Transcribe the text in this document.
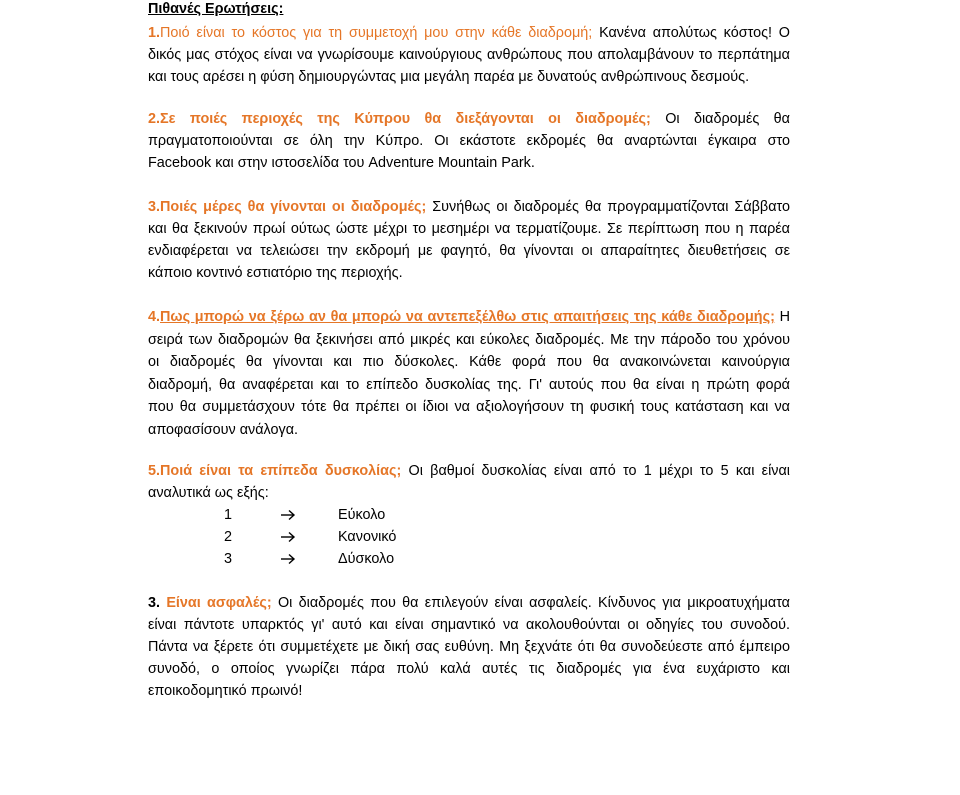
Πιθανές Ερωτήσεις:
1.Ποιό είναι το κόστος για τη συμμετοχή μου στην κάθε διαδρομή; Κανένα απολύτως κόστος! Ο
δικός μας στόχος είναι να γνωρίσουμε καινούργιους ανθρώπους που απολαμβάνουν το περπάτημα
και τους αρέσει η φύση δημιουργώντας μια μεγάλη παρέα με δυνατούς ανθρώπινους δεσμούς.
2.Σε ποιές περιοχές της Κύπρου θα διεξάγονται οι διαδρομές; Οι διαδρομές θα
πραγματοποιούνται σε όλη την Κύπρο. Οι εκάστοτε εκδρομές θα αναρτώνται έγκαιρα στο
Facebook και στην ιστοσελίδα του Adventure Mountain Park.
3.Ποιές μέρες θα γίνονται οι διαδρομές; Συνήθως οι διαδρομές θα προγραμματίζονται Σάββατο
και θα ξεκινούν πρωί ούτως ώστε μέχρι το μεσημέρι να τερματίζουμε. Σε περίπτωση που η παρέα
ενδιαφέρεται να τελειώσει την εκδρομή με φαγητό, θα γίνονται οι απαραίτητες διευθετήσεις σε
κάποιο κοντινό εστιατόριο της περιοχής.
4.Πως μπορώ να ξέρω αν θα μπορώ να αντεπεξέλθω στις απαιτήσεις της κάθε διαδρομής; Η
σειρά των διαδρομών θα ξεκινήσει από μικρές και εύκολες διαδρομές. Με την πάροδο του χρόνου
οι διαδρομές θα γίνονται και πιο δύσκολες. Κάθε φορά που θα ανακοινώνεται καινούργια
διαδρομή, θα αναφέρεται και το επίπεδο δυσκολίας της. Γι' αυτούς που θα είναι η πρώτη φορά
που θα συμμετάσχουν τότε θα πρέπει οι ίδιοι να αξιολογήσουν τη φυσική τους κατάσταση και να
αποφασίσουν ανάλογα.
5.Ποιά είναι τα επίπεδα δυσκολίας; Οι βαθμοί δυσκολίας είναι από το 1 μέχρι το 5 και είναι
αναλυτικά ως εξής:
1	Εύκολο
2	Κανονικό
3	Δύσκολο
3. Είναι ασφαλές; Οι διαδρομές που θα επιλεγούν είναι ασφαλείς. Κίνδυνος για μικροατυχήματα
είναι πάντοτε υπαρκτός γι' αυτό και είναι σημαντικό να ακολουθούνται οι οδηγίες του συνοδού.
Πάντα να ξέρετε ότι συμμετέχετε με δική σας ευθύνη. Μη ξεχνάτε ότι θα συνοδεύεστε από έμπειρο
συνοδό, ο οποίος γνωρίζει πάρα πολύ καλά αυτές τις διαδρομές για ένα ευχάριστο και
εποικοδομητικό πρωινό!
